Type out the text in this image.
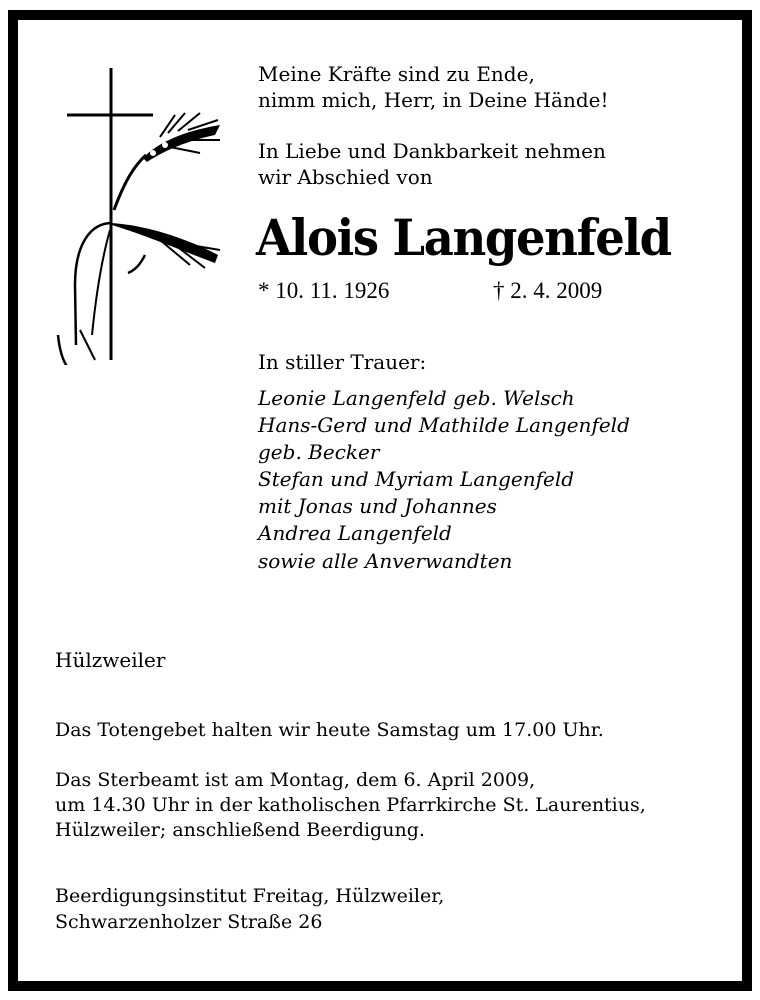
Meine Kräfte sind zu Ende,
nimm mich, Herr, in Deine Hände!
In Liebe und Dankbarkeit nehmen
wir Abschied von
Alois Langenfeld
* 10. 11. 1926	† 2. 4. 2009
In stiller Trauer:
Leonie Langenfeld geb. Welsch
Hans-Gerd und Mathilde Langenfeld
geb. Becker
Stefan und Myriam Langenfeld
mit Jonas und Johannes
Andrea Langenfeld
sowie alle Anverwandten
Hülzweiler
Das Totengebet halten wir heute Samstag um 17.00 Uhr.
Das Sterbeamt ist am Montag, dem 6. April 2009,
um 14.30 Uhr in der katholischen Pfarrkirche St. Laurentius,
Hülzweiler; anschließend Beerdigung.
Beerdigungsinstitut Freitag, Hülzweiler,
Schwarzenholzer Straße 26
